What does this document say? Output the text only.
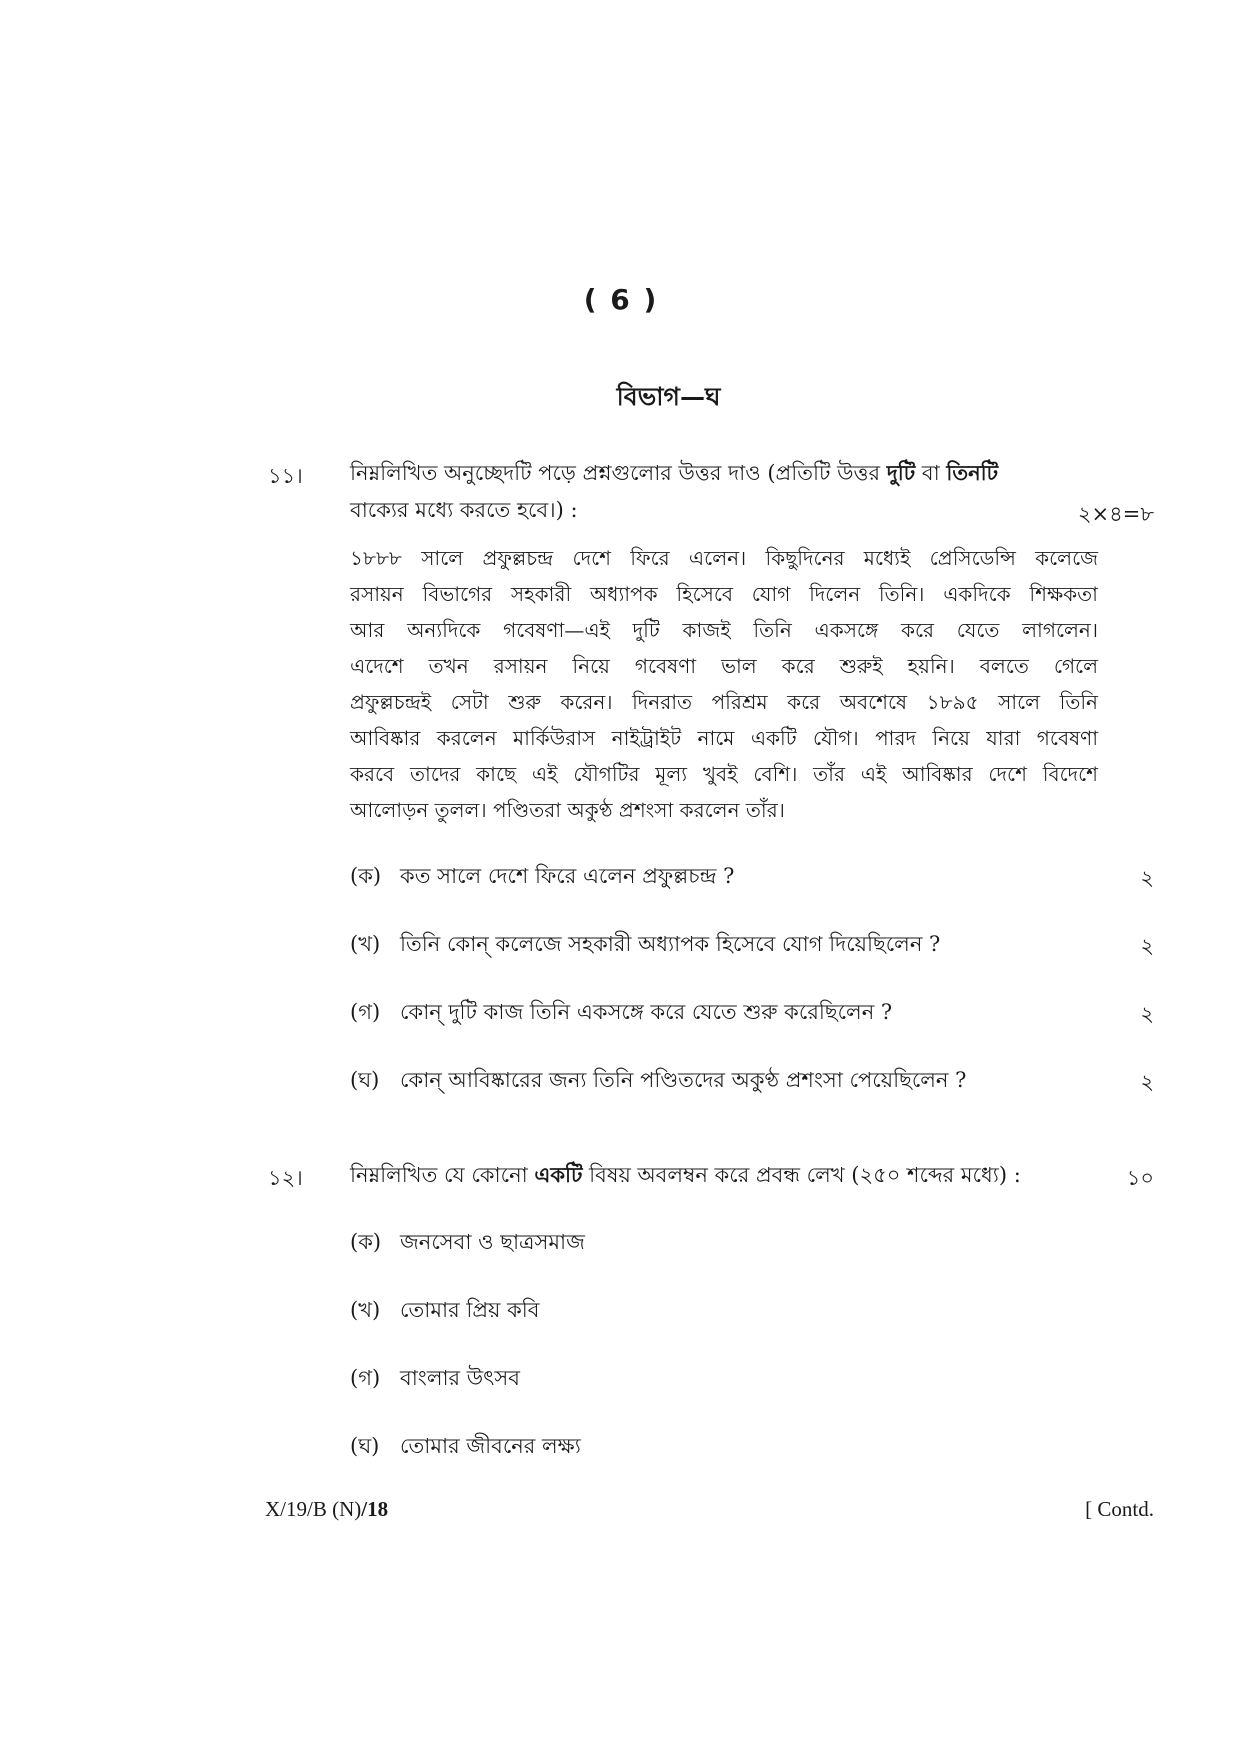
( 6 )
বিভাগ—ঘ
১১।	নিম্নলিখিত অনুচ্ছেদটি পড়ে প্রশ্নগুলোর উত্তর দাও (প্রতিটি উত্তর দুটি বা তিনটি
বাক্যের মধ্যে করতে হবে।) :	২×৪=৮
১৮৮৮ সালে প্রফুল্লচন্দ্র দেশে ফিরে এলেন। কিছুদিনের মধ্যেই প্রেসিডেন্সি কলেজে
রসায়ন বিভাগের সহকারী অধ্যাপক হিসেবে যোগ দিলেন তিনি। একদিকে শিক্ষকতা
আর অন্যদিকে গবেষণা—এই দুটি কাজই তিনি একসঙ্গে করে যেতে লাগলেন।
এদেশে তখন রসায়ন নিয়ে গবেষণা ভাল করে শুরুই হয়নি। বলতে গেলে
প্রফুল্লচন্দ্রই সেটা শুরু করেন। দিনরাত পরিশ্রম করে অবশেষে ১৮৯৫ সালে তিনি
আবিষ্কার করলেন মার্কিউরাস নাইট্রাইট নামে একটি যৌগ। পারদ নিয়ে যারা গবেষণা
করবে তাদের কাছে এই যৌগটির মূল্য খুবই বেশি। তাঁর এই আবিষ্কার দেশে বিদেশে
আলোড়ন তুলল। পণ্ডিতরা অকুণ্ঠ প্রশংসা করলেন তাঁর।
(ক) কত সালে দেশে ফিরে এলেন প্রফুল্লচন্দ্র ?	২
(খ) তিনি কোন্ কলেজে সহকারী অধ্যাপক হিসেবে যোগ দিয়েছিলেন ?	২
(গ) কোন্ দুটি কাজ তিনি একসঙ্গে করে যেতে শুরু করেছিলেন ?	২
(ঘ) কোন্ আবিষ্কারের জন্য তিনি পণ্ডিতদের অকুণ্ঠ প্রশংসা পেয়েছিলেন ?	২
১২।	নিম্নলিখিত যে কোনো একটি বিষয় অবলম্বন করে প্রবন্ধ লেখ (২৫০ শব্দের মধ্যে) :	১০
(ক) জনসেবা ও ছাত্রসমাজ
(খ) তোমার প্রিয় কবি
(গ) বাংলার উৎসব
(ঘ) তোমার জীবনের লক্ষ্য
X/19/B (N)/18	[ Contd.
